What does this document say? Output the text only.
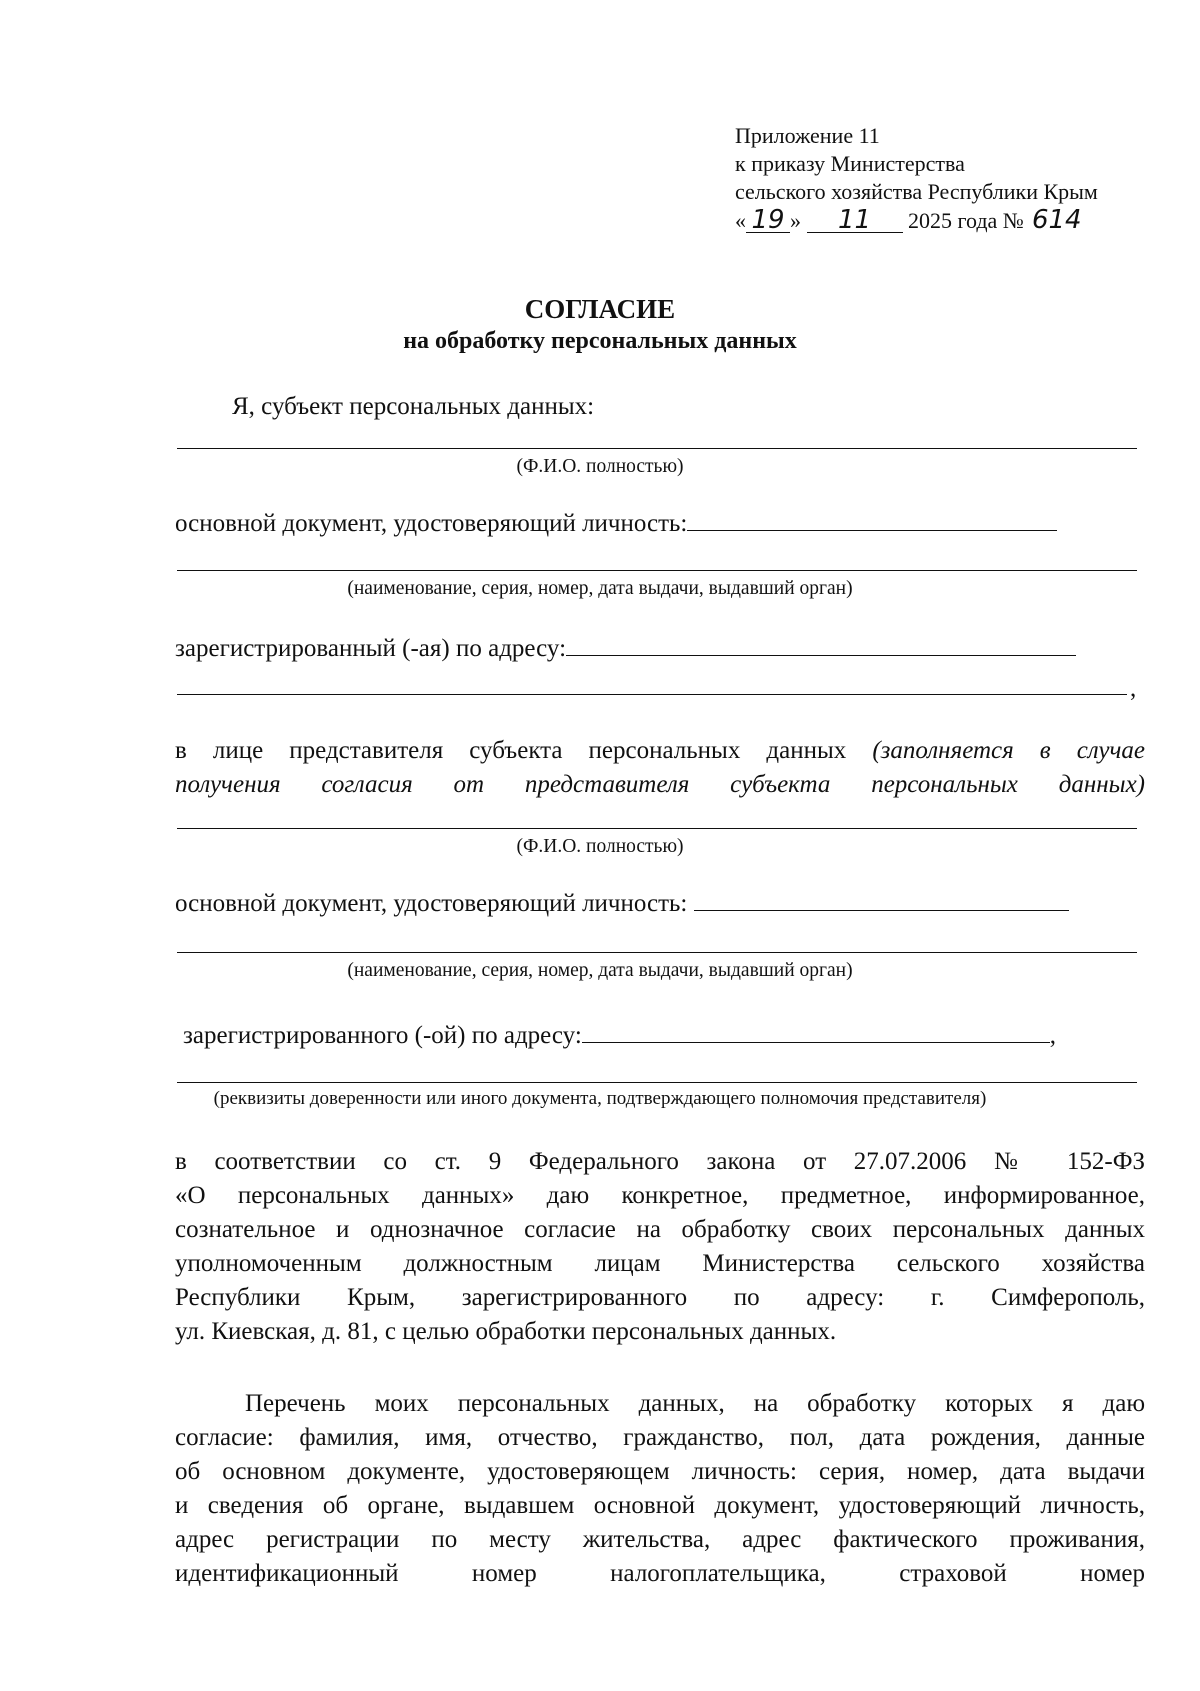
Приложение 11
к приказу Министерства
сельского хозяйства Республики Крым
« 19 » 11 2025 года № 614
СОГЛАСИЕ
на обработку персональных данных
Я, субъект персональных данных:
(Ф.И.О. полностью)
основной документ, удостоверяющий личность:
(наименование, серия, номер, дата выдачи, выдавший орган)
зарегистрированный (-ая) по адресу:
,
в лице представителя субъекта персональных данных (заполняется в случае
получения согласия от представителя субъекта персональных данных)
(Ф.И.О. полностью)
основной документ, удостоверяющий личность:
(наименование, серия, номер, дата выдачи, выдавший орган)
зарегистрированного (-ой) по адресу:	,
(реквизиты доверенности или иного документа, подтверждающего полномочия представителя)
в соответствии со ст. 9 Федерального закона от 27.07.2006 № 152-ФЗ
«О персональных данных» даю конкретное, предметное, информированное,
сознательное и однозначное согласие на обработку своих персональных данных
уполномоченным должностным лицам Министерства сельского хозяйства
Республики Крым, зарегистрированного по адресу: г. Симферополь,
ул. Киевская, д. 81, с целью обработки персональных данных.
Перечень моих персональных данных, на обработку которых я даю
согласие: фамилия, имя, отчество, гражданство, пол, дата рождения, данные
об основном документе, удостоверяющем личность: серия, номер, дата выдачи
и сведения об органе, выдавшем основной документ, удостоверяющий личность,
адрес регистрации по месту жительства, адрес фактического проживания,
идентификационный номер налогоплательщика, страховой номер
